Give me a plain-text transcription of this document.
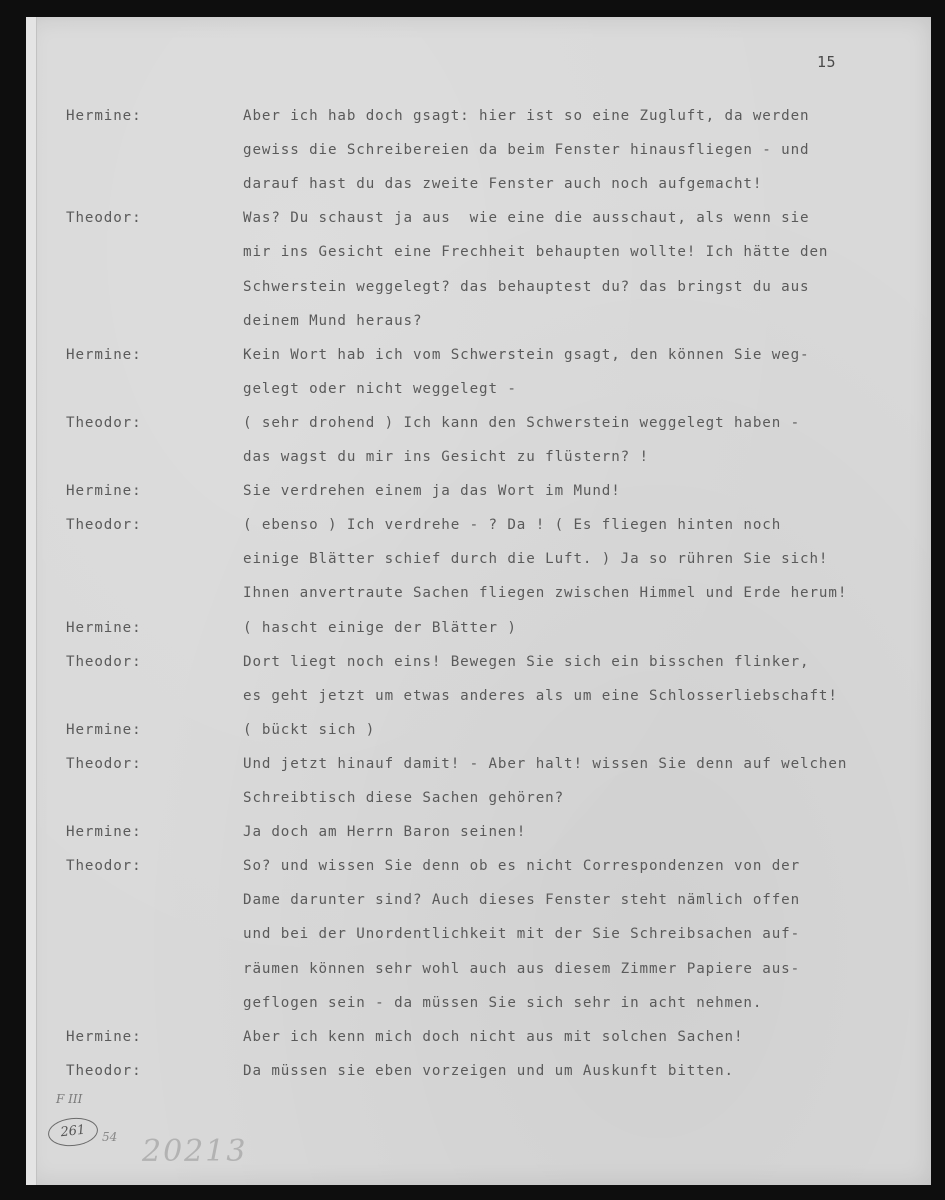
15
Hermine:	Aber ich hab doch gsagt: hier ist so eine Zugluft, da werden
gewiss die Schreibereien da beim Fenster hinausfliegen - und
darauf hast du das zweite Fenster auch noch aufgemacht!
Theodor:	Was? Du schaust ja aus  wie eine die ausschaut, als wenn sie
mir ins Gesicht eine Frechheit behaupten wollte! Ich hätte den
Schwerstein weggelegt? das behauptest du? das bringst du aus
deinem Mund heraus?
Hermine:	Kein Wort hab ich vom Schwerstein gsagt, den können Sie weg-
gelegt oder nicht weggelegt -
Theodor:	( sehr drohend ) Ich kann den Schwerstein weggelegt haben -
das wagst du mir ins Gesicht zu flüstern? !
Hermine:	Sie verdrehen einem ja das Wort im Mund!
Theodor:	( ebenso ) Ich verdrehe - ? Da ! ( Es fliegen hinten noch
einige Blätter schief durch die Luft. ) Ja so rühren Sie sich!
Ihnen anvertraute Sachen fliegen zwischen Himmel und Erde herum!
Hermine:	( hascht einige der Blätter )
Theodor:	Dort liegt noch eins! Bewegen Sie sich ein bisschen flinker,
es geht jetzt um etwas anderes als um eine Schlosserliebschaft!
Hermine:	( bückt sich )
Theodor:	Und jetzt hinauf damit! - Aber halt! wissen Sie denn auf welchen
Schreibtisch diese Sachen gehören?
Hermine:	Ja doch am Herrn Baron seinen!
Theodor:	So? und wissen Sie denn ob es nicht Correspondenzen von der
Dame darunter sind? Auch dieses Fenster steht nämlich offen
und bei der Unordentlichkeit mit der Sie Schreibsachen auf-
räumen können sehr wohl auch aus diesem Zimmer Papiere aus-
geflogen sein - da müssen Sie sich sehr in acht nehmen.
Hermine:	Aber ich kenn mich doch nicht aus mit solchen Sachen!
Theodor:	Da müssen sie eben vorzeigen und um Auskunft bitten.
F III
261	54 20213
